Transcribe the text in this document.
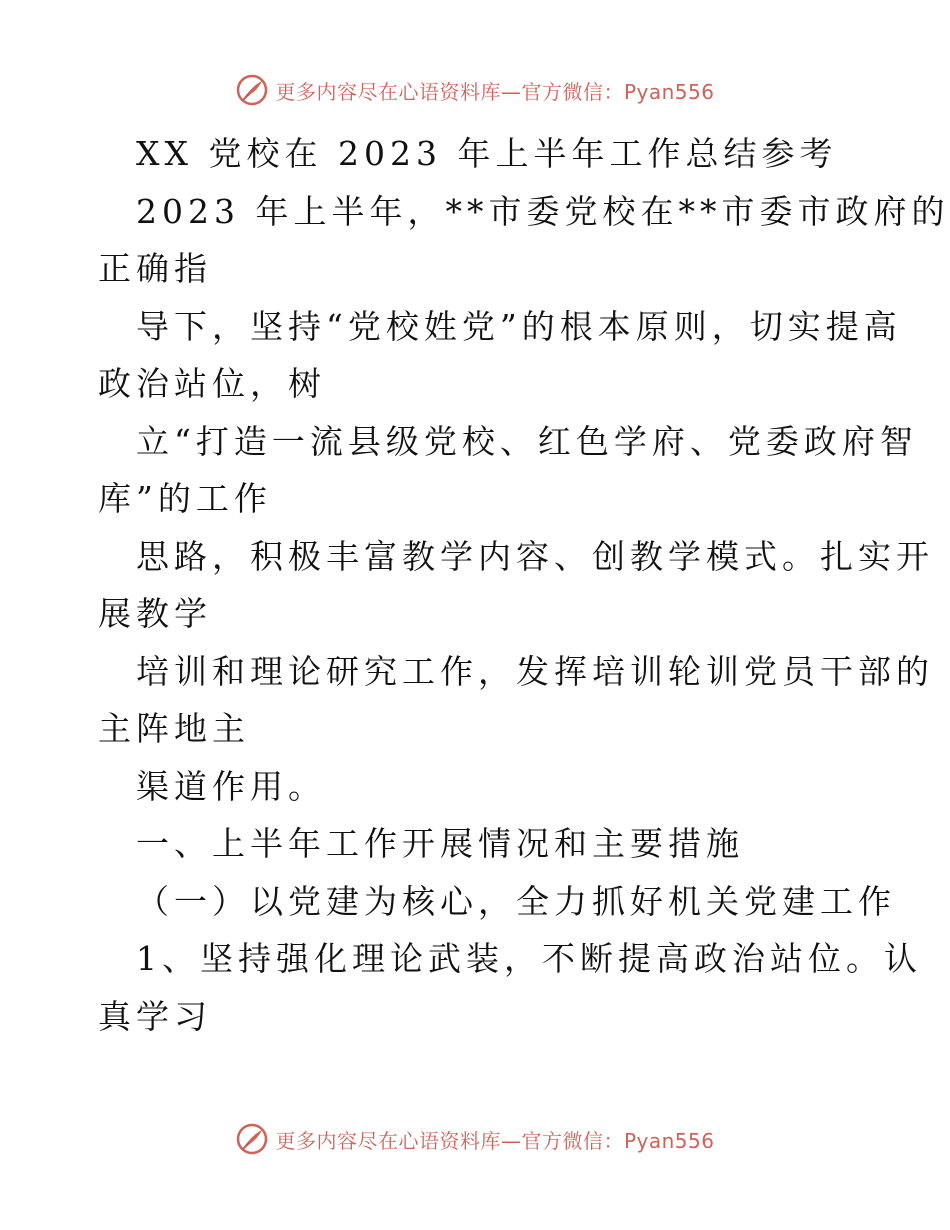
更多内容尽在心语资料库—官方微信：Pyan556
XX 党校在 2023 年上半年工作总结参考
2023 年上半年，**市委党校在**市委市政府的
正确指
导下，坚持“党校姓党”的根本原则，切实提高
政治站位，树
立“打造一流县级党校、红色学府、党委政府智
库”的工作
思路，积极丰富教学内容、创教学模式。扎实开
展教学
培训和理论研究工作，发挥培训轮训党员干部的
主阵地主
渠道作用。
一、上半年工作开展情况和主要措施
（一）以党建为核心，全力抓好机关党建工作
1、坚持强化理论武装，不断提高政治站位。认
真学习
更多内容尽在心语资料库—官方微信：Pyan556
